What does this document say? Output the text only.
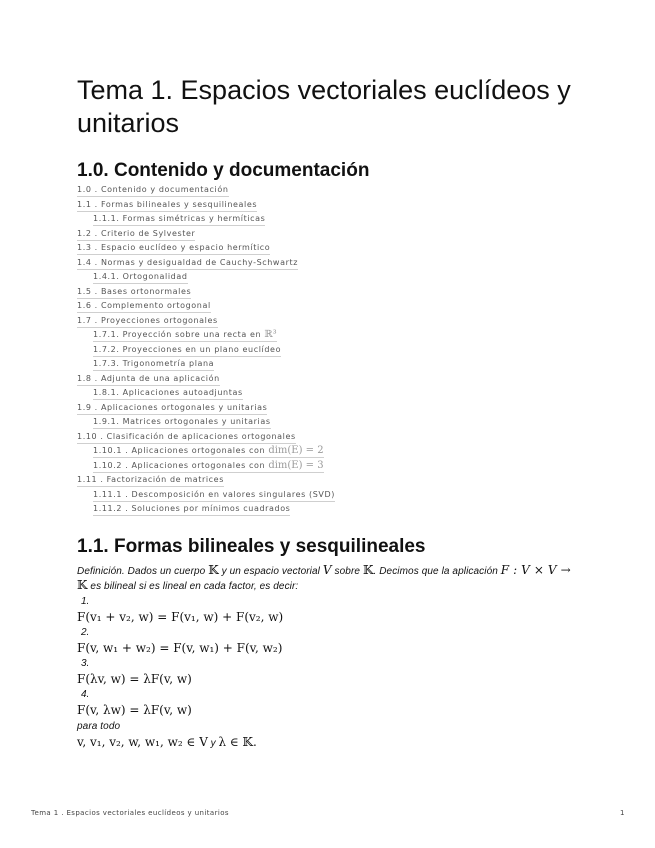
Tema 1. Espacios vectoriales euclídeos y unitarios
1.0. Contenido y documentación
1.0 . Contenido y documentación
1.1 . Formas bilineales y sesquilineales
1.1.1. Formas simétricas y hermíticas
1.2 . Criterio de Sylvester
1.3 . Espacio euclídeo y espacio hermítico
1.4 . Normas y desigualdad de Cauchy-Schwartz
1.4.1. Ortogonalidad
1.5 . Bases ortonormales
1.6 . Complemento ortogonal
1.7 . Proyecciones ortogonales
1.7.1. Proyección sobre una recta en ℝ³
1.7.2. Proyecciones en un plano euclídeo
1.7.3. Trigonometría plana
1.8 . Adjunta de una aplicación
1.8.1. Aplicaciones autoadjuntas
1.9 . Aplicaciones ortogonales y unitarias
1.9.1. Matrices ortogonales y unitarias
1.10 . Clasificación de aplicaciones ortogonales
1.10.1 . Aplicaciones ortogonales con dim(E) = 2
1.10.2 . Aplicaciones ortogonales con dim(E) = 3
1.11 . Factorización de matrices
1.11.1 . Descomposición en valores singulares (SVD)
1.11.2 . Soluciones por mínimos cuadrados
1.1. Formas bilineales y sesquilineales
Definición. Dados un cuerpo 𝕂 y un espacio vectorial V sobre 𝕂. Decimos que la aplicación F : V × V →
𝕂 es bilineal si es lineal en cada factor, es decir:
1.
F(v₁ + v₂, w) = F(v₁, w) + F(v₂, w)
2.
F(v, w₁ + w₂) = F(v, w₁) + F(v, w₂)
3.
F(λv, w) = λF(v, w)
4.
F(v, λw) = λF(v, w)
para todo
v, v₁, v₂, w, w₁, w₂ ∈ V y λ ∈ 𝕂.
Tema 1 . Espacios vectoriales euclídeos y unitarios	1
